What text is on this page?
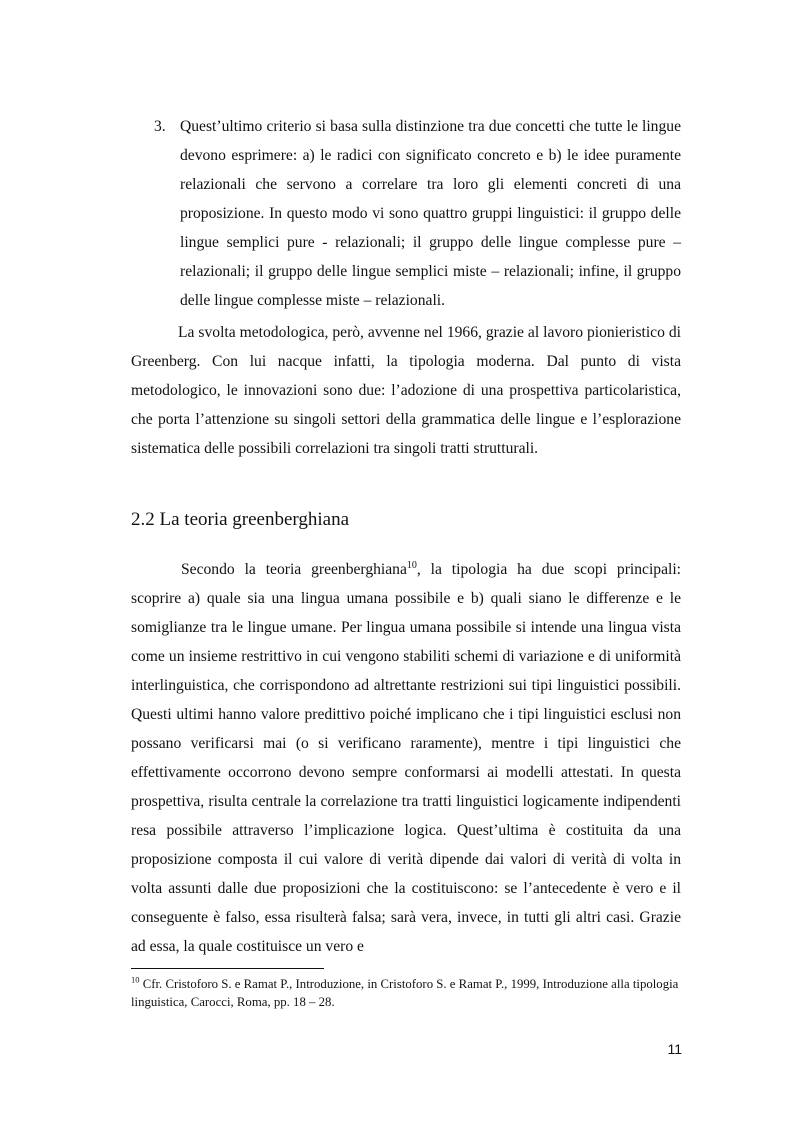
3. Quest’ultimo criterio si basa sulla distinzione tra due concetti che tutte le lingue devono esprimere: a) le radici con significato concreto e b) le idee puramente relazionali che servono a correlare tra loro gli elementi concreti di una proposizione. In questo modo vi sono quattro gruppi linguistici: il gruppo delle lingue semplici pure - relazionali; il gruppo delle lingue complesse pure – relazionali; il gruppo delle lingue semplici miste – relazionali; infine, il gruppo delle lingue complesse miste – relazionali.

La svolta metodologica, però, avvenne nel 1966, grazie al lavoro pionieristico di Greenberg. Con lui nacque infatti, la tipologia moderna. Dal punto di vista metodologico, le innovazioni sono due: l’adozione di una prospettiva particolaristica, che porta l’attenzione su singoli settori della grammatica delle lingue e l’esplorazione sistematica delle possibili correlazioni tra singoli tratti strutturali.

2.2 La teoria greenberghiana

Secondo la teoria greenberghiana$^{10}$, la tipologia ha due scopi principali: scoprire a) quale sia una lingua umana possibile e b) quali siano le differenze e le somiglianze tra le lingue umane. Per lingua umana possibile si intende una lingua vista come un insieme restrittivo in cui vengono stabiliti schemi di variazione e di uniformità interlinguistica, che corrispondono ad altrettante restrizioni sui tipi linguistici possibili. Questi ultimi hanno valore predittivo poiché implicano che i tipi linguistici esclusi non possano verificarsi mai (o si verificano raramente), mentre i tipi linguistici che effettivamente occorrono devono sempre conformarsi ai modelli attestati. In questa prospettiva, risulta centrale la correlazione tra tratti linguistici logicamente indipendenti resa possibile attraverso l’implicazione logica. Quest’ultima è costituita da una proposizione composta il cui valore di verità dipende dai valori di verità di volta in volta assunti dalle due proposizioni che la costituiscono: se l’antecedente è vero e il conseguente è falso, essa risulterà falsa; sarà vera, invece, in tutti gli altri casi. Grazie ad essa, la quale costituisce un vero e

$^{10}$ Cfr. Cristoforo S. e Ramat P., Introduzione, in Cristoforo S. e Ramat P., 1999, Introduzione alla tipologia linguistica, Carocci, Roma, pp. 18 – 28.

11
